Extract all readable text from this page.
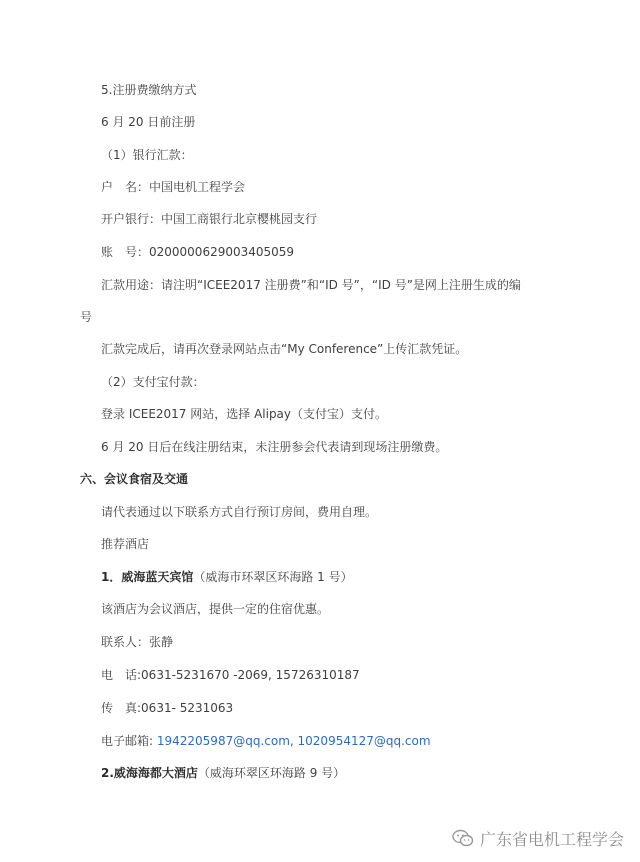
5.注册费缴纳方式
6 月 20 日前注册
（1）银行汇款：
户　名：中国电机工程学会
开户银行：中国工商银行北京樱桃园支行
账　号：0200000629003405059
汇款用途：请注明“ICEE2017 注册费”和“ID 号”，“ID 号”是网上注册生成的编
号
汇款完成后，请再次登录网站点击“My Conference”上传汇款凭证。
（2）支付宝付款：
登录 ICEE2017 网站，选择 Alipay（支付宝）支付。
6 月 20 日后在线注册结束，未注册参会代表请到现场注册缴费。
六、会议食宿及交通
请代表通过以下联系方式自行预订房间，费用自理。
推荐酒店
1．威海蓝天宾馆（威海市环翠区环海路 1 号）
该酒店为会议酒店，提供一定的住宿优惠。
联系人：张静
电　话:0631-5231670 -2069, 15726310187
传　真:0631- 5231063
电子邮箱: 1942205987@qq.com, 1020954127@qq.com
2.威海海都大酒店（威海环翠区环海路 9 号）
广东省电机工程学会
